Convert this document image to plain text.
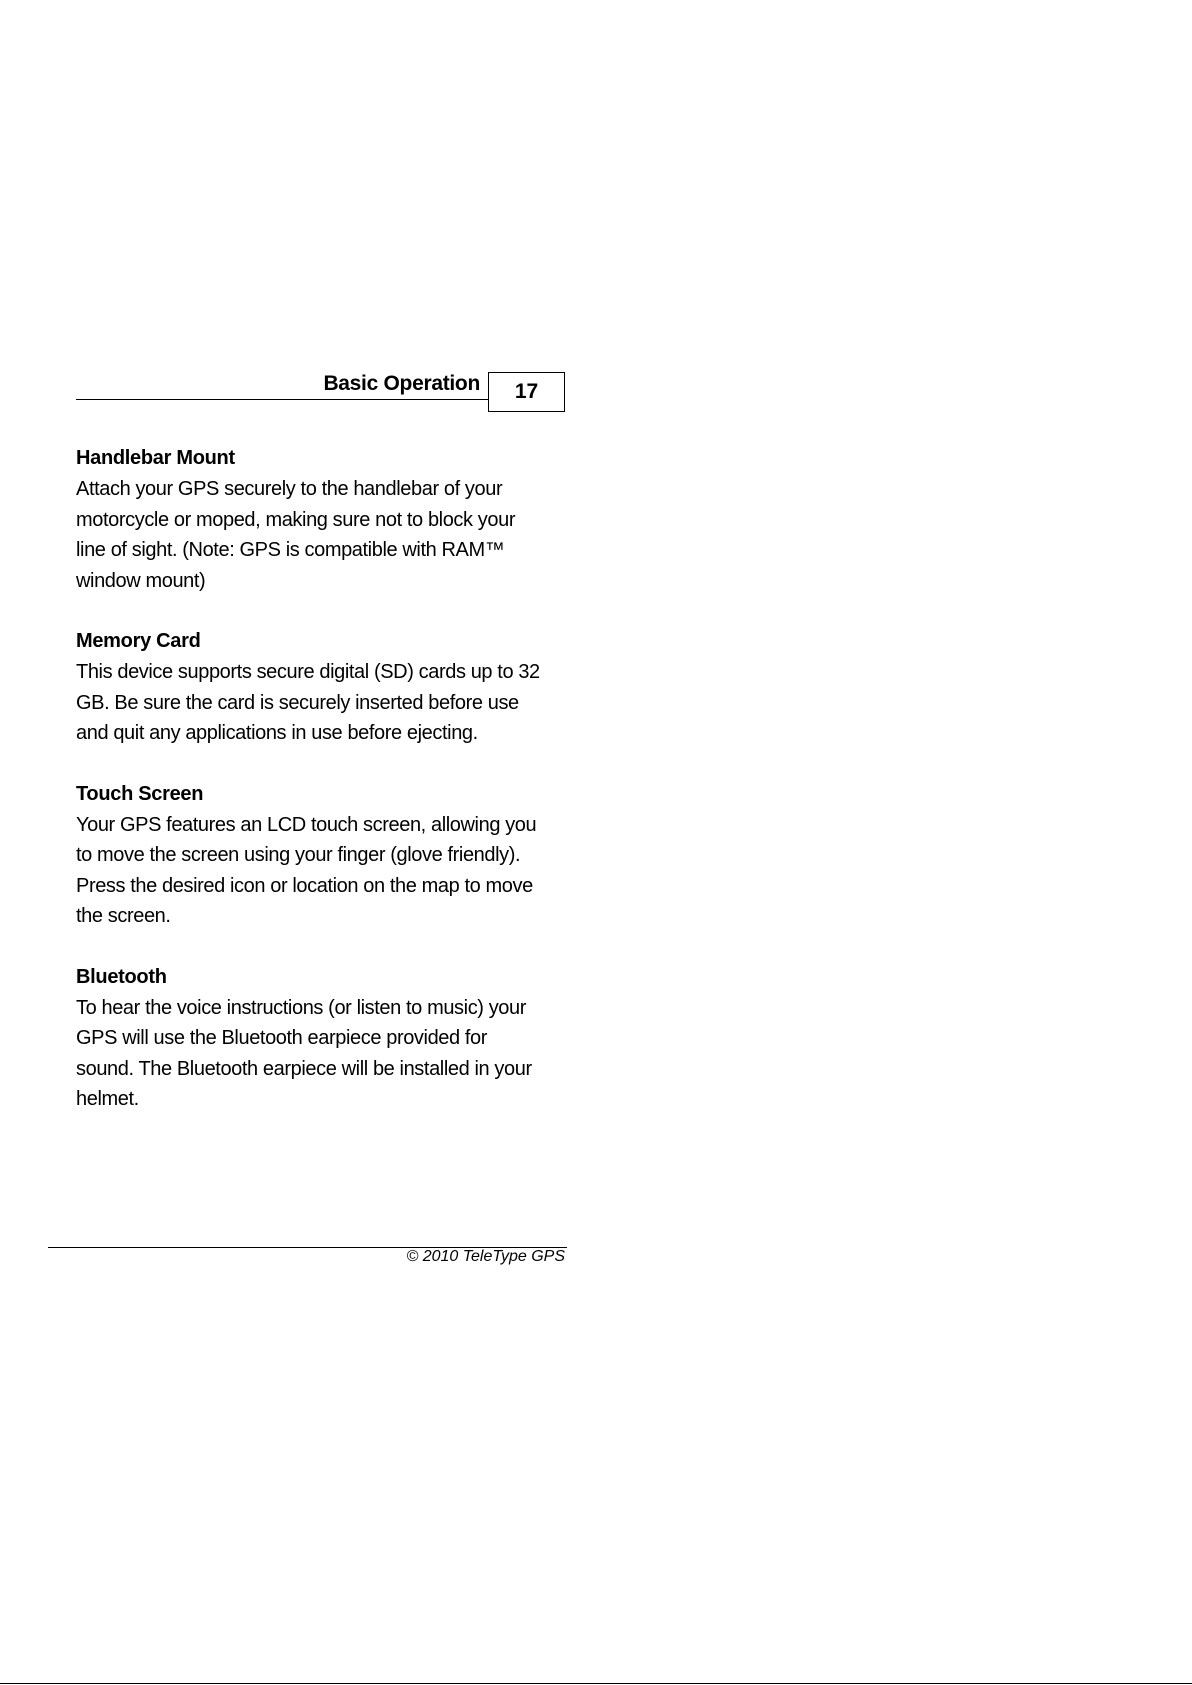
Basic Operation	17
Handlebar Mount
Attach your GPS securely to the handlebar of your motorcycle or moped, making sure not to block your line of sight. (Note: GPS is compatible with RAM™ window mount)
Memory Card
This device supports secure digital (SD) cards up to 32 GB. Be sure the card is securely inserted before use and quit any applications in use before ejecting.
Touch Screen
Your GPS features an LCD touch screen, allowing you to move the screen using your finger (glove friendly). Press the desired icon or location on the map to move the screen.
Bluetooth
To hear the voice instructions (or listen to music) your GPS will use the Bluetooth earpiece provided for sound. The Bluetooth earpiece will be installed in your helmet.
© 2010 TeleType GPS
